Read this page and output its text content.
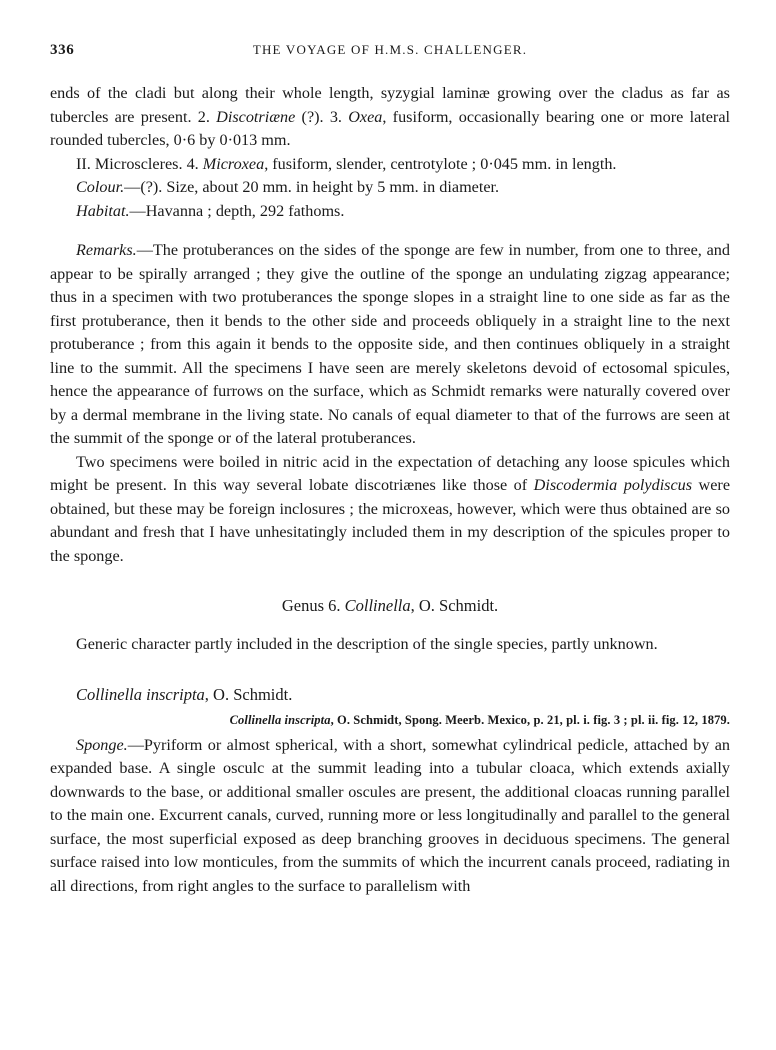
336	THE VOYAGE OF H.M.S. CHALLENGER.

ends of the cladi but along their whole length, syzygial laminæ growing over the cladus as far as tubercles are present. 2. Discotriæne (?). 3. Oxea, fusiform, occasionally bearing one or more lateral rounded tubercles, 0·6 by 0·013 mm.

II. Microscleres. 4. Microxea, fusiform, slender, centrotylote ; 0·045 mm. in length.

Colour.—(?). Size, about 20 mm. in height by 5 mm. in diameter.

Habitat.—Havanna ; depth, 292 fathoms.

Remarks.—The protuberances on the sides of the sponge are few in number, from one to three, and appear to be spirally arranged ; they give the outline of the sponge an undulating zigzag appearance; thus in a specimen with two protuberances the sponge slopes in a straight line to one side as far as the first protuberance, then it bends to the other side and proceeds obliquely in a straight line to the next protuberance ; from this again it bends to the opposite side, and then continues obliquely in a straight line to the summit. All the specimens I have seen are merely skeletons devoid of ectosomal spicules, hence the appearance of furrows on the surface, which as Schmidt remarks were naturally covered over by a dermal membrane in the living state. No canals of equal diameter to that of the furrows are seen at the summit of the sponge or of the lateral protuberances.

Two specimens were boiled in nitric acid in the expectation of detaching any loose spicules which might be present. In this way several lobate discotriænes like those of Discodermia polydiscus were obtained, but these may be foreign inclosures ; the microxeas, however, which were thus obtained are so abundant and fresh that I have unhesitatingly included them in my description of the spicules proper to the sponge.

Genus 6. Collinella, O. Schmidt.

Generic character partly included in the description of the single species, partly unknown.

Collinella inscripta, O. Schmidt.

Collinella inscripta, O. Schmidt, Spong. Meerb. Mexico, p. 21, pl. i. fig. 3 ; pl. ii. fig. 12, 1879.

Sponge.—Pyriform or almost spherical, with a short, somewhat cylindrical pedicle, attached by an expanded base. A single osculc at the summit leading into a tubular cloaca, which extends axially downwards to the base, or additional smaller oscules are present, the additional cloacas running parallel to the main one. Excurrent canals, curved, running more or less longitudinally and parallel to the general surface, the most superficial exposed as deep branching grooves in deciduous specimens. The general surface raised into low monticules, from the summits of which the incurrent canals proceed, radiating in all directions, from right angles to the surface to parallelism with
